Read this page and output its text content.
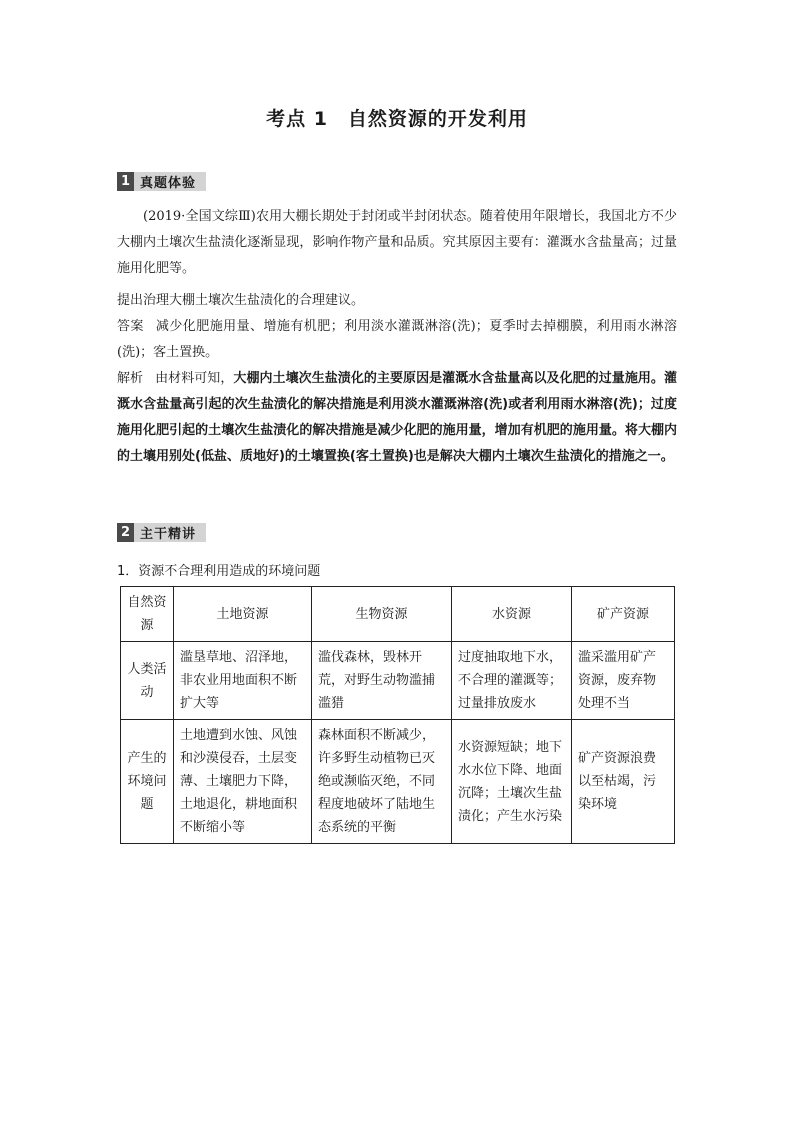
考点 1　自然资源的开发利用
1 真题体验
(2019·全国文综Ⅲ)农用大棚长期处于封闭或半封闭状态。随着使用年限增长，我国北方不少大棚内土壤次生盐渍化逐渐显现，影响作物产量和品质。究其原因主要有：灌溉水含盐量高；过量施用化肥等。
提出治理大棚土壤次生盐渍化的合理建议。
答案 减少化肥施用量、增施有机肥；利用淡水灌溉淋溶(洗)；夏季时去掉棚膜，利用雨水淋溶(洗)；客土置换。
解析 由材料可知，大棚内土壤次生盐渍化的主要原因是灌溉水含盐量高以及化肥的过量施用。灌溉水含盐量高引起的次生盐渍化的解决措施是利用淡水灌溉淋溶(洗)或者利用雨水淋溶(洗)；过度施用化肥引起的土壤次生盐渍化的解决措施是减少化肥的施用量，增加有机肥的施用量。将大棚内的土壤用别处(低盐、质地好)的土壤置换(客土置换)也是解决大棚内土壤次生盐渍化的措施之一。
2 主干精讲
1．资源不合理利用造成的环境问题
自然资源	土地资源	生物资源	水资源	矿产资源
人类活动	滥垦草地、沼泽地，非农业用地面积不断扩大等	滥伐森林，毁林开荒，对野生动物滥捕滥猎	过度抽取地下水，不合理的灌溉等；过量排放废水	滥采滥用矿产资源，废弃物处理不当
产生的环境问题	土地遭到水蚀、风蚀和沙漠侵吞，土层变薄、土壤肥力下降，土地退化，耕地面积不断缩小等	森林面积不断减少，许多野生动植物已灭绝或濒临灭绝，不同程度地破坏了陆地生态系统的平衡	水资源短缺；地下水水位下降、地面沉降；土壤次生盐渍化；产生水污染	矿产资源浪费以至枯竭，污染环境
